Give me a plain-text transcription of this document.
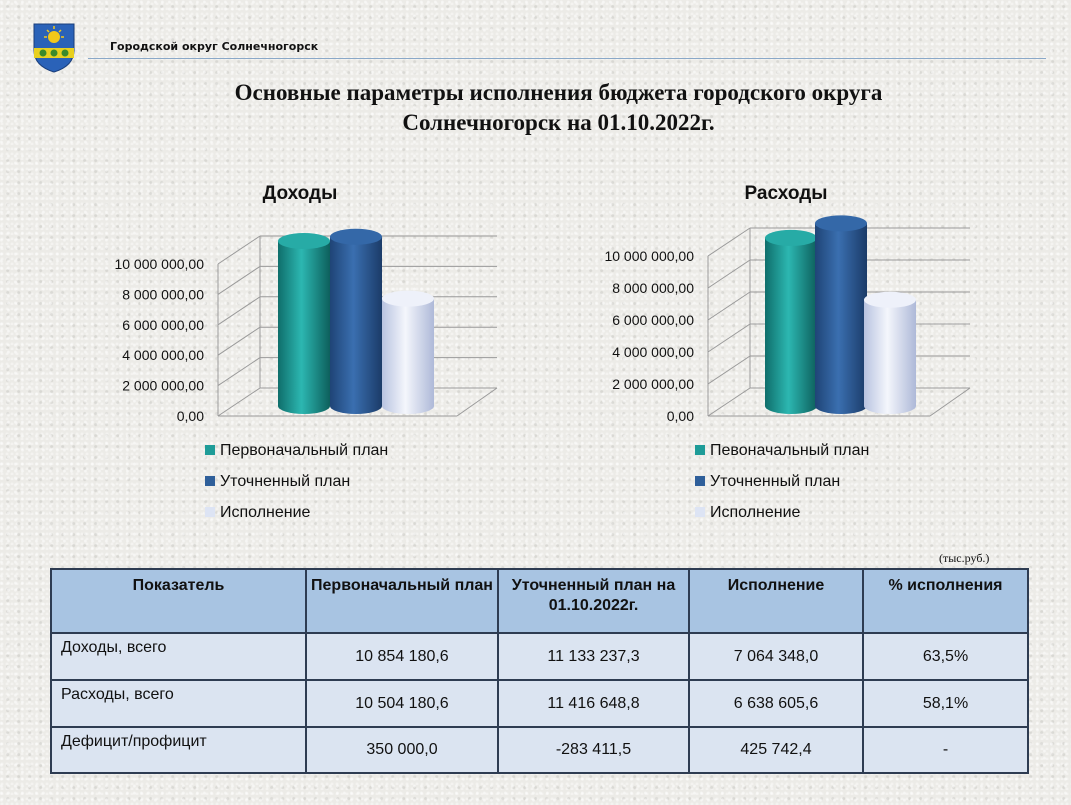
Городской округ Солнечногорск
Основные параметры исполнения бюджета городского округа
Солнечногорск на 01.10.2022г.
Доходы
0,00
2 000 000,00
4 000 000,00
6 000 000,00
8 000 000,00
10 000 000,00
Первоначальный план
Уточненный план
Исполнение
Расходы
0,00
2 000 000,00
4 000 000,00
6 000 000,00
8 000 000,00
10 000 000,00
Певоначальный план
Уточненный план
Исполнение
(тыс.руб.)
Показатель	Первоначальный план	Уточненный план на 01.10.2022г.	Исполнение	% исполнения
Доходы, всего	10 854 180,6	11 133 237,3	7 064 348,0	63,5%
Расходы, всего	10 504 180,6	11 416 648,8	6 638 605,6	58,1%
Дефицит/профицит	350 000,0	-283 411,5	425 742,4	-
